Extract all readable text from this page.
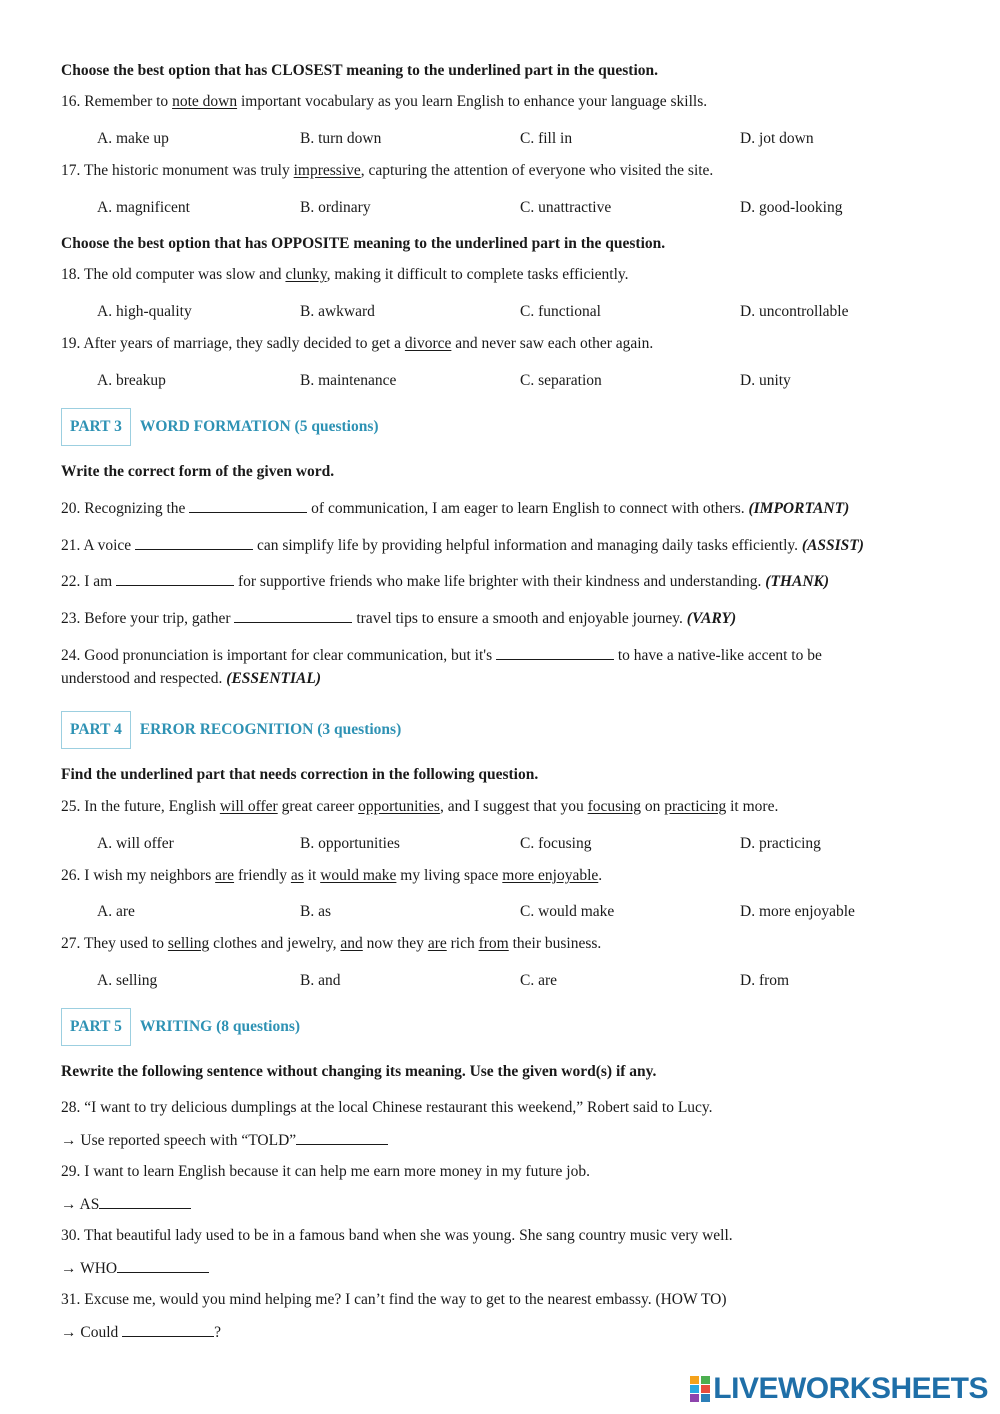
Choose the best option that has CLOSEST meaning to the underlined part in the question.
16. Remember to note down important vocabulary as you learn English to enhance your language skills.
A. make up	B. turn down	C. fill in	D. jot down
17. The historic monument was truly impressive, capturing the attention of everyone who visited the site.
A. magnificent	B. ordinary	C. unattractive	D. good-looking
Choose the best option that has OPPOSITE meaning to the underlined part in the question.
18. The old computer was slow and clunky, making it difficult to complete tasks efficiently.
A. high-quality	B. awkward	C. functional	D. uncontrollable
19. After years of marriage, they sadly decided to get a divorce and never saw each other again.
A. breakup	B. maintenance	C. separation	D. unity
PART 3	WORD FORMATION (5 questions)
Write the correct form of the given word.
20. Recognizing the	of communication, I am eager to learn English to connect with others. (IMPORTANT)
21. A voice	can simplify life by providing helpful information and managing daily tasks efficiently. (ASSIST)
22. I am	for supportive friends who make life brighter with their kindness and understanding. (THANK)
23. Before your trip, gather	travel tips to ensure a smooth and enjoyable journey. (VARY)
24. Good pronunciation is important for clear communication, but it's	to have a native-like accent to be
understood and respected. (ESSENTIAL)
PART 4	ERROR RECOGNITION (3 questions)
Find the underlined part that needs correction in the following question.
25. In the future, English will offer great career opportunities, and I suggest that you focusing on practicing it more.
A. will offer	B. opportunities	C. focusing	D. practicing
26. I wish my neighbors are friendly as it would make my living space more enjoyable.
A. are	B. as	C. would make	D. more enjoyable
27. They used to selling clothes and jewelry, and now they are rich from their business.
A. selling	B. and	C. are	D. from
PART 5	WRITING (8 questions)
Rewrite the following sentence without changing its meaning. Use the given word(s) if any.
28. “I want to try delicious dumplings at the local Chinese restaurant this weekend,” Robert said to Lucy.
→ Use reported speech with “TOLD”
29. I want to learn English because it can help me earn more money in my future job.
→ AS
30. That beautiful lady used to be in a famous band when she was young. She sang country music very well.
→ WHO
31. Excuse me, would you mind helping me? I can’t find the way to get to the nearest embassy. (HOW TO)
→ Could	?
LIVEWORKSHEETS
